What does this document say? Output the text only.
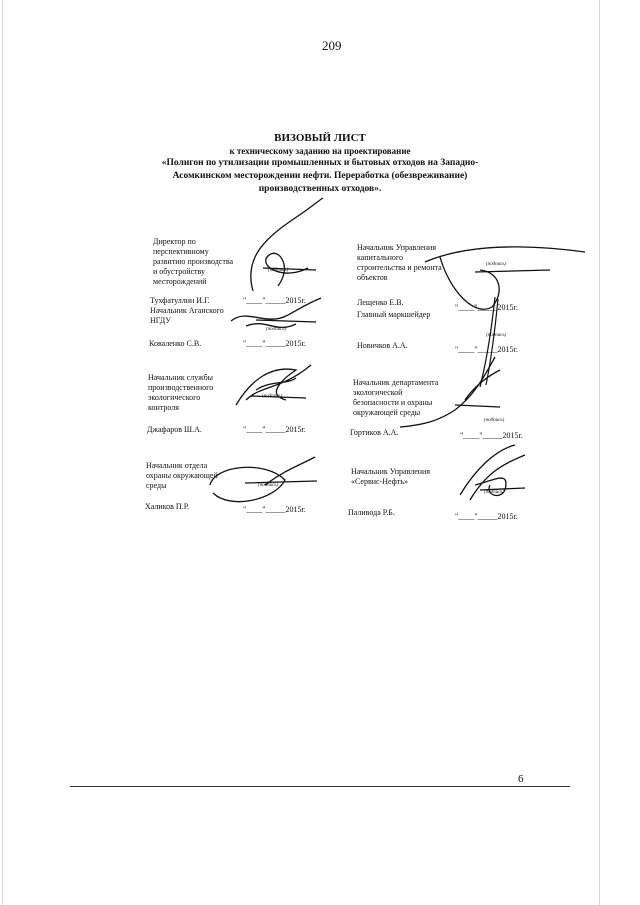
209
ВИЗОВЫЙ ЛИСТ
к техническому заданию на проектирование
«Полигон по утилизации промышленных и бытовых отходов на Западно-
Асомкинском месторождении нефти. Переработка (обезвреживание)
производственных отходов».
Директор по
перспективному
развитию производства
и обустройству
месторождений
(подпись)
Тухфатуллин И.Г.	"____"_____2015г.
Начальник Аганского
НГДУ
(подпись)
Коваленко С.В.	"____"_____2015г.
Начальник службы
производственного
экологического
контроля
(подпись)
Джафаров Ш.А.	"____"_____2015г.
Начальник отдела
охраны окружающей
среды	(подпись)
Халиков П.Р.	"____"_____2015г.
Начальник Управления
капитального
строительства и ремонта
объектов
(подпись)
Лещенко Е.В.
"____"_____2015г.
Главный маркшейдер
(подпись)
Новичков А.А.	"____"_____2015г.
Начальник департамента
экологической
безопасности и охраны
окружающей среды
(подпись)
Гортиков А.А.	"____"_____2015г.
Начальник Управления
«Сервис-Нефть»
(подпись)
Паливода Р.Б.	"____"_____2015г.
6
